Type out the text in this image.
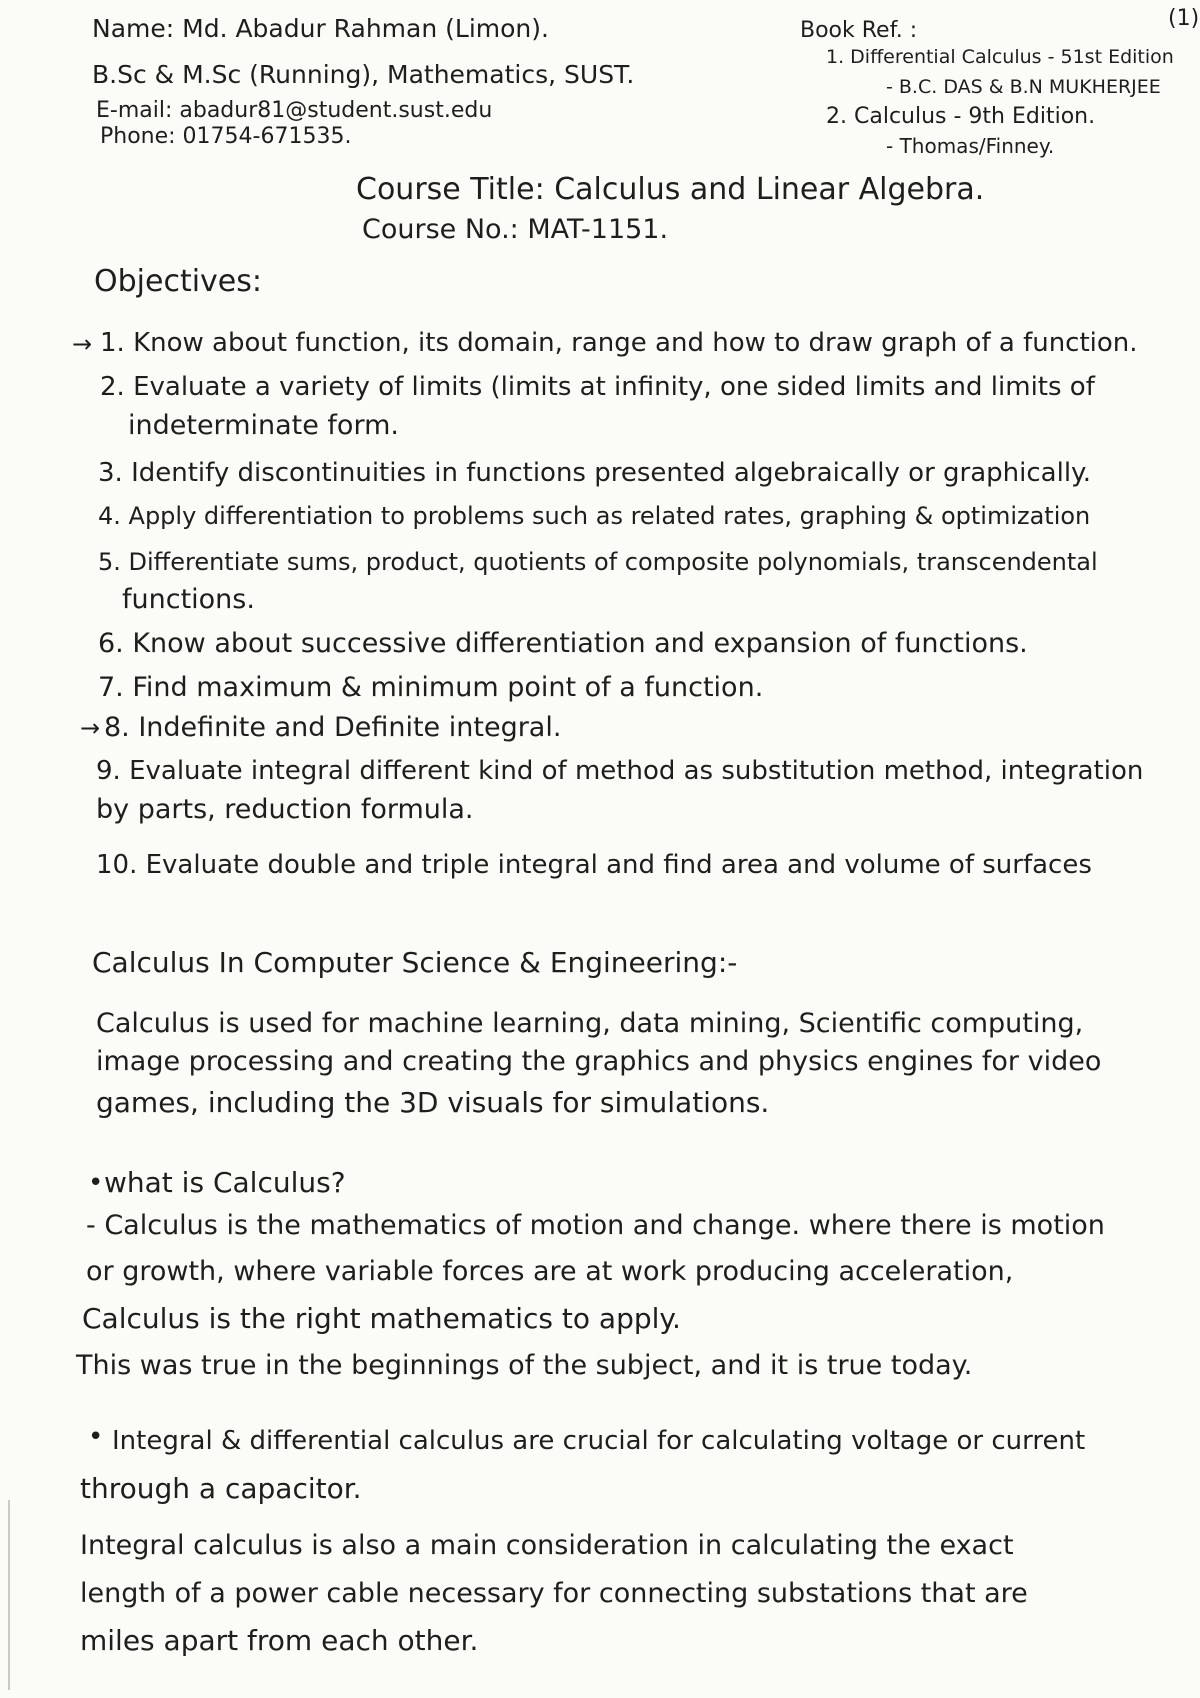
(1)
Name: Md. Abadur Rahman (Limon).
B.Sc & M.Sc (Running), Mathematics, SUST.
E-mail: abadur81@student.sust.edu
Phone: 01754-671535.
Book Ref. :
1. Differential Calculus - 51st Edition
- B.C. DAS & B.N MUKHERJEE
2. Calculus - 9th Edition.
- Thomas/Finney.
Course Title: Calculus and Linear Algebra.
Course No.: MAT-1151.
Objectives:
→ 1. Know about function, its domain, range and how to draw graph of a function.
2. Evaluate a variety of limits (limits at infinity, one sided limits and limits of
indeterminate form.
3. Identify discontinuities in functions presented algebraically or graphically.
4. Apply differentiation to problems such as related rates, graphing & optimization
5. Differentiate sums, product, quotients of composite polynomials, transcendental
functions.
6. Know about successive differentiation and expansion of functions.
7. Find maximum & minimum point of a function.
→ 8. Indefinite and Definite integral.
9. Evaluate integral different kind of method as substitution method, integration
by parts, reduction formula.
10. Evaluate double and triple integral and find area and volume of surfaces
Calculus In Computer Science & Engineering:-
Calculus is used for machine learning, data mining, Scientific computing,
image processing and creating the graphics and physics engines for video
games, including the 3D visuals for simulations.
• what is Calculus?
- Calculus is the mathematics of motion and change. where there is motion
or growth, where variable forces are at work producing acceleration,
Calculus is the right mathematics to apply.
This was true in the beginnings of the subject, and it is true today.
• Integral & differential calculus are crucial for calculating voltage or current
through a capacitor.
Integral calculus is also a main consideration in calculating the exact
length of a power cable necessary for connecting substations that are
miles apart from each other.
